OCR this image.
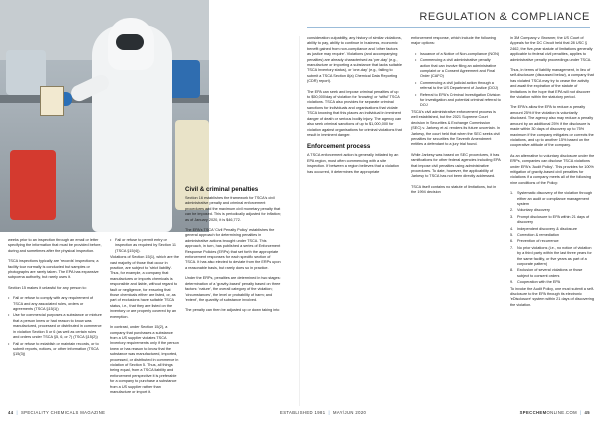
REGULATION & COMPLIANCE

weeks prior to an inspection through an email or letter specifying the information that must be provided before, during and sometimes after the physical inspection.

TSCA inspections typically are 'records' inspections; a facility tour normally is conducted but samples or photographs are rarely taken. The EPA has expansive subpoena authority, but rarely uses it.

Section 15 makes it unlawful for any person to:

• Fail or refuse to comply with any requirement of TSCA and any associated rules, orders or agreements (TSCA §15(1))
• Use for commercial purposes a substance or mixture that a person knew or had reason to know was manufactured, processed or distributed in commerce in violation Section 5 or 6 (as well as certain rules and orders under TSCA §5, 6, or 7) (TSCA §15(2))
• Fail or refuse to establish or maintain records, or to submit reports, notices, or other information (TSCA §15(3))
• Fail or refuse to permit entry or inspection as required by Section 11 (TSCA §15(4)).

Violations of Section 15(1), which are the vast majority of those that occur in practice, are subject to 'strict liability'. Thus, for example, a company that manufactures or imports chemicals is responsible and liable, without regard to fault or negligence, for ensuring that those chemicals either are listed, or, as part of exclusions have suitable TSCA status, i.e., that they are listed on the inventory or are properly covered by an exemption.

In contrast, under Section 15(2), a company that purchases a substance from a US supplier violates TSCA Inventory requirements only if the person knew or has reason to know that the substance was manufactured, imported, processed, or distributed in commerce in violation of Section 5. Thus, all things being equal, from a TSCA liability and enforcement perspective it is preferable for a company to purchase a substance from a US supplier rather than manufacture or import it.

Civil & criminal penalties

Section 16 establishes the framework for TSCA's civil administrative penalty and criminal enforcement procedures and the maximum civil monetary penalty that can be imposed. This is periodically adjusted for inflation; as of January 2020, it is $46,772.

The EPA's TSCA 'Civil Penalty Policy' establishes the general approach for determining penalties in administrative actions brought under TSCA. This approach, in turn, has published a series of Enforcement Response Policies (ERPs) that set forth the appropriate enforcement responses for each specific section of TSCA. It has also elected to deviate from the ERPs upon a reasonable basis, but rarely does so in practice.

Under the ERPs, penalties are determined in two stages: determination of a 'gravity-based' penalty based on three factors: 'nature', the overall category of the violation; 'circumstances', the level or probability of harm; and 'extent', the quantity of substance involved.

The penalty can then be adjusted up or down taking into

consideration culpability, any history of similar violations, ability to pay, ability to continue in business, economic benefit gained from non-compliance and 'other factors as justice may require'. Violations (and accompanying penalties) are already characterised as 'per-day' (e.g., manufacture or importing a substance that lacks suitable TSCA Inventory status), or 'one-day' (e.g., failing to submit a TSCA Section 8(a) Chemical Data Reporting (CDR) report).

The EPA can seek and impose criminal penalties of up to $50,000/day of violation for 'knowing' or 'wilful' TSCA violations. TSCA also provides for separate criminal sanctions for individuals and organisations that violate TSCA knowing that this places an individual in imminent danger of death or serious bodily injury. The agency can also seek criminal sanctions of up to $1,000,000 for violation against organisations for criminal violations that result in imminent danger.

Enforcement process

A TSCA enforcement action is generally initiated by an EPA region, most often commencing with a site inspection. If between a region believes that a violation has occurred, it determines the appropriate

enforcement response, which include the following major options:

• Issuance of a Notice of Non-compliance (NON)
• Commencing a civil administrative penalty action that can involve filing an administrative complaint or a Consent Agreement and Final Order (CAFO)
• Commencing a civil judicial action through a referral to the US Department of Justice (DOJ)
• Referral to EPA's Criminal Investigation Division for investigation and potential criminal referral to DOJ

TSCA's civil administrative enforcement process is well established, but the 2021 Supreme Court decision in Securities & Exchange Commission (SEC) v. Jarkesy et al. renders its future uncertain. In Jarkesy, the court held that when the SEC seeks civil penalties for securities the Seventh Amendment entitles a defendant to a jury trial found.

While Jarkesy was based on SEC procedures, it has ramifications for other federal agencies including EPA that impose civil penalties using administrative procedures. To date, however, the applicability of Jarkesy to TSCA has not been directly addressed.

TSCA itself contains no statute of limitations, but in the 1994 decision

in 3M Company v. Browner, the US Court of Appeals for the DC Circuit held that 28 USC § 2462, the five-year statute of limitations generally applicable to federal civil penalties, applies to administrative penalty proceedings under TSCA.

Thus, in terms of liability management, in lieu of self-disclosure (discussed below), a company that has violated TSCA may try to cease the activity and await the expiration of the statute of limitations in the hope that EPA will not discover the violation within the statutory period.

The EPA's allow the EPA to reduce a penalty amount 25% if the violation is voluntarily disclosed. The agency also may reduce a penalty amount by an additional 25% if the disclosure is made within 30 days of discovery up to 75% maximum if the company mitigates or corrects the violations, and up to another 15% based on the cooperative attitude of the company.

As an alternative to voluntary disclosure under the ERPs, companies can disclose TSCA violations under EPA's 'Audit Policy'. This provides for 100% mitigation of gravity-based civil penalties for violations if a company meets all of the following nine conditions of the Policy:

1. Systematic discovery of the violation through either an audit or compliance management system
2. Voluntary discovery
3. Prompt disclosure to EPA within 21 days of discovery
4. Independent discovery & disclosure
5. Correction & remediation
6. Prevention of recurrence
7. No prior violations (i.e., no notice of violation by a third party within the last three years for the same facility, or five years as part of a corporate pattern)
8. Exclusion of several violations or those subject to consent orders
9. Cooperation with the EPA

To invoke the Audit Policy, one must submit a self-disclosure to the EPA through its electronic 'eDisclosure' system within 21 days of discovering the violation.

44 | SPECIALITY CHEMICALS MAGAZINE	ESTABLISHED 1981 | MAY/JUN 2020	SPECCHEMONLINE.COM | 45
